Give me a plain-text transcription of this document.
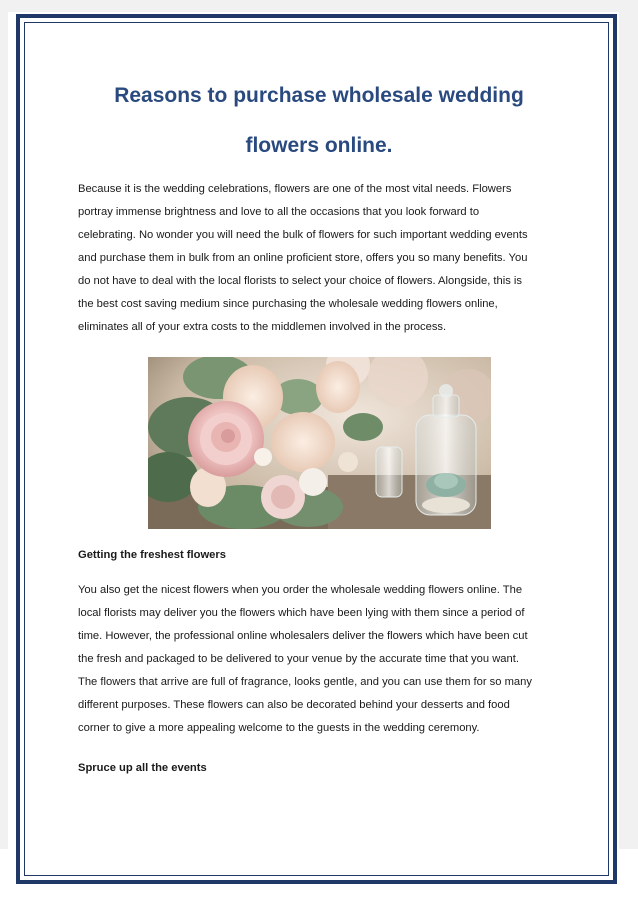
Reasons to purchase wholesale wedding
flowers online.

Because it is the wedding celebrations, flowers are one of the most vital needs. Flowers
portray immense brightness and love to all the occasions that you look forward to
celebrating. No wonder you will need the bulk of flowers for such important wedding events
and purchase them in bulk from an online proficient store, offers you so many benefits. You
do not have to deal with the local florists to select your choice of flowers. Alongside, this is
the best cost saving medium since purchasing the wholesale wedding flowers online,
eliminates all of your extra costs to the middlemen involved in the process.

Getting the freshest flowers

You also get the nicest flowers when you order the wholesale wedding flowers online. The
local florists may deliver you the flowers which have been lying with them since a period of
time. However, the professional online wholesalers deliver the flowers which have been cut
the fresh and packaged to be delivered to your venue by the accurate time that you want.
The flowers that arrive are full of fragrance, looks gentle, and you can use them for so many
different purposes. These flowers can also be decorated behind your desserts and food
corner to give a more appealing welcome to the guests in the wedding ceremony.

Spruce up all the events
